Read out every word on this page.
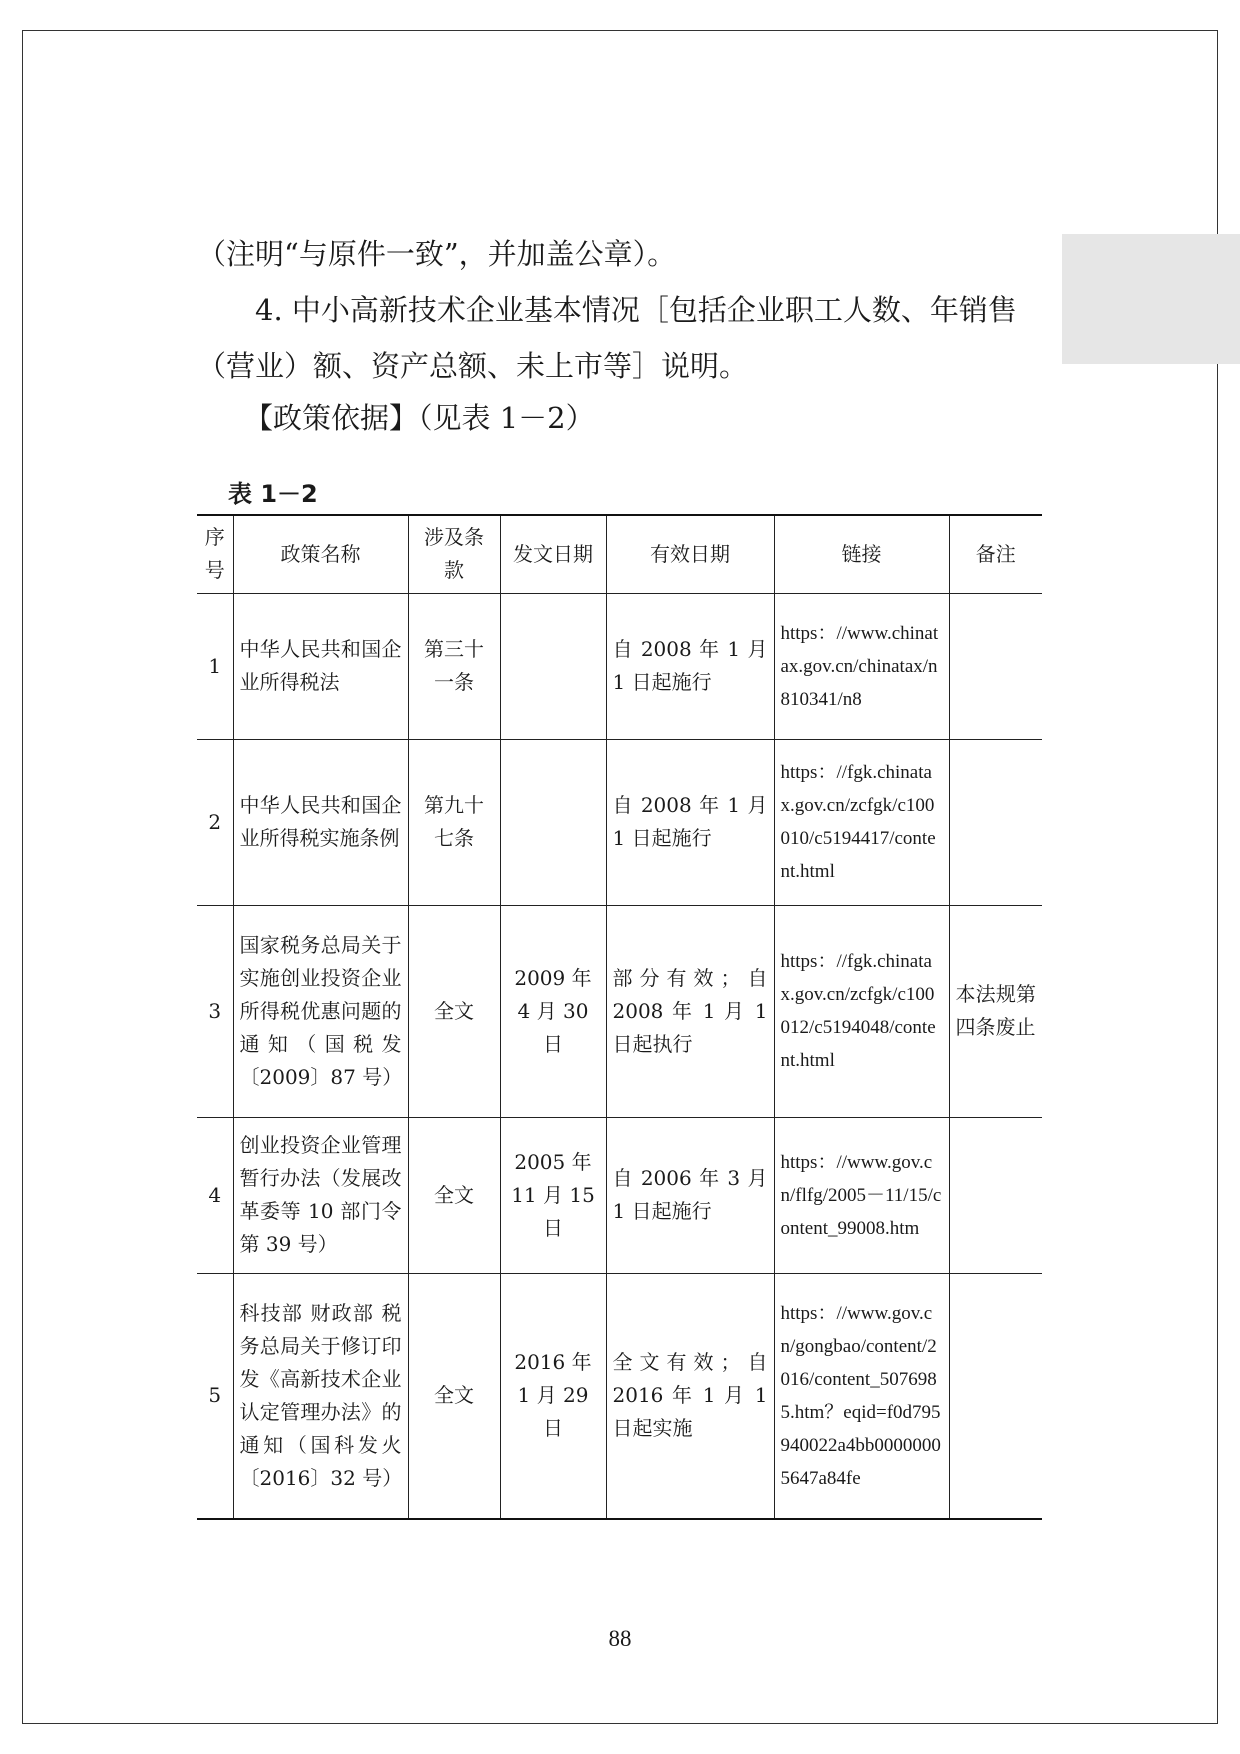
（注明“与原件一致”，并加盖公章）。
4. 中小高新技术企业基本情况［包括企业职工人数、年销售（营业）额、资产总额、未上市等］说明。
【政策依据】（见表 1－2）
表 1－2
序号	政策名称	涉及条款	发文日期	有效日期	链接	备注
1	中华人民共和国企业所得税法	第三十一条		自 2008 年 1 月 1 日起施行	https：//www.chinatax.gov.cn/chinatax/n810341/n8	
2	中华人民共和国企业所得税实施条例	第九十七条		自 2008 年 1 月 1 日起施行	https：//fgk.chinatax.gov.cn/zcfgk/c100010/c5194417/content.html	
3	国家税务总局关于实施创业投资企业所得税优惠问题的通知（国税发〔2009〕87 号）	全文	2009 年 4 月 30 日	部分有效；自 2008 年 1 月 1 日起执行	https：//fgk.chinatax.gov.cn/zcfgk/c100012/c5194048/content.html	本法规第四条废止
4	创业投资企业管理暂行办法（发展改革委等 10 部门令第 39 号）	全文	2005 年 11 月 15 日	自 2006 年 3 月 1 日起施行	https：//www.gov.cn/flfg/2005－11/15/content_99008.htm	
5	科技部 财政部 税务总局关于修订印发《高新技术企业认定管理办法》的通知（国科发火〔2016〕32 号）	全文	2016 年 1 月 29 日	全文有效；自 2016 年 1 月 1 日起实施	https：//www.gov.cn/gongbao/content/2016/content_5076985.htm？eqid=f0d795940022a4bb00000005647a84fe	
88
